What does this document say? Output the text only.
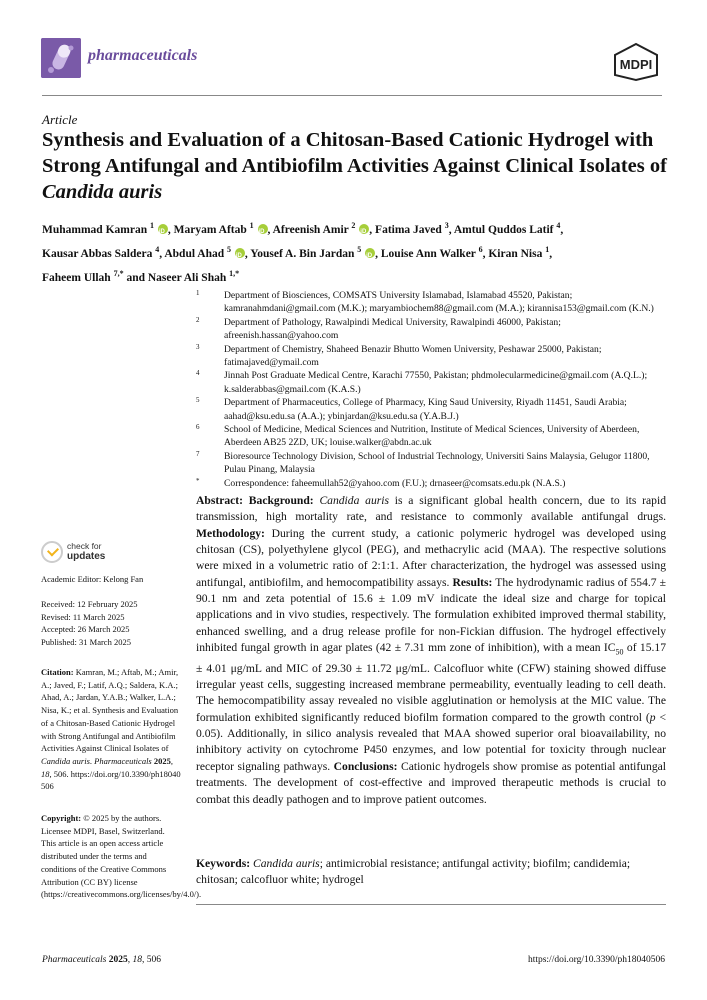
pharmaceuticals
MDPI
Article
Synthesis and Evaluation of a Chitosan-Based Cationic Hydrogel with Strong Antifungal and Antibiofilm Activities Against Clinical Isolates of Candida auris
Muhammad Kamran $^1$ iD , Maryam Aftab $^1$ iD , Afreenish Amir $^2$ iD , Fatima Javed $^3$, Amtul Quddos Latif $^4$,
Kausar Abbas Saldera $^4$, Abdul Ahad $^5$ iD , Yousef A. Bin Jardan $^5$ iD , Louise Ann Walker $^6$, Kiran Nisa $^1$,
Faheem Ullah $^{7,*}$ and Naseer Ali Shah $^{1,*}$
1	Department of Biosciences, COMSATS University Islamabad, Islamabad 45520, Pakistan; kamranahmdani@gmail.com (M.K.); maryambiochem88@gmail.com (M.A.); kirannisa153@gmail.com (K.N.)
2	Department of Pathology, Rawalpindi Medical University, Rawalpindi 46000, Pakistan; afreenish.hassan@yahoo.com
3	Department of Chemistry, Shaheed Benazir Bhutto Women University, Peshawar 25000, Pakistan; fatimajaved@ymail.com
4	Jinnah Post Graduate Medical Centre, Karachi 77550, Pakistan; phdmolecularmedicine@gmail.com (A.Q.L.); k.salderabbas@gmail.com (K.A.S.)
5	Department of Pharmaceutics, College of Pharmacy, King Saud University, Riyadh 11451, Saudi Arabia; aahad@ksu.edu.sa (A.A.); ybinjardan@ksu.edu.sa (Y.A.B.J.)
6	School of Medicine, Medical Sciences and Nutrition, Institute of Medical Sciences, University of Aberdeen, Aberdeen AB25 2ZD, UK; louise.walker@abdn.ac.uk
7	Bioresource Technology Division, School of Industrial Technology, Universiti Sains Malaysia, Gelugor 11800, Pulau Pinang, Malaysia
*	Correspondence: faheemullah52@yahoo.com (F.U.); drnaseer@comsats.edu.pk (N.A.S.)
check for
updates
Academic Editor: Kelong Fan
Received: 12 February 2025
Revised: 11 March 2025
Accepted: 26 March 2025
Published: 31 March 2025
Citation: Kamran, M.; Aftab, M.; Amir, A.; Javed, F.; Latif, A.Q.; Saldera, K.A.; Ahad, A.; Jardan, Y.A.B.; Walker, L.A.; Nisa, K.; et al. Synthesis and Evaluation of a Chitosan-Based Cationic Hydrogel with Strong Antifungal and Antibiofilm Activities Against Clinical Isolates of Candida auris. Pharmaceuticals 2025, 18, 506. https://doi.org/10.3390/ph18040506
Copyright: © 2025 by the authors. Licensee MDPI, Basel, Switzerland. This article is an open access article distributed under the terms and conditions of the Creative Commons Attribution (CC BY) license (https://creativecommons.org/licenses/by/4.0/).
Abstract: Background: Candida auris is a significant global health concern, due to its rapid transmission, high mortality rate, and resistance to commonly available antifungal drugs. Methodology: During the current study, a cationic polymeric hydrogel was developed using chitosan (CS), polyethylene glycol (PEG), and methacrylic acid (MAA). The respective solutions were mixed in a volumetric ratio of 2:1:1. After characterization, the hydrogel was assessed using antifungal, antibiofilm, and hemocompatibility assays. Results: The hydrodynamic radius of 554.7 ± 90.1 nm and zeta potential of 15.6 ± 1.09 mV indicate the ideal size and charge for topical applications and in vivo studies, respectively. The formulation exhibited improved thermal stability, enhanced swelling, and a drug release profile for non-Fickian diffusion. The hydrogel effectively inhibited fungal growth in agar plates (42 ± 7.31 mm zone of inhibition), with a mean $IC_{50}$ of 15.17 ± 4.01 μg/mL and MIC of 29.30 ± 11.72 μg/mL. Calcofluor white (CFW) staining showed diffuse irregular yeast cells, suggesting increased membrane permeability, eventually leading to cell death. The hemocompatibility assay revealed no visible agglutination or hemolysis at the MIC value. The formulation exhibited significantly reduced biofilm formation compared to the growth control (p < 0.05). Additionally, in silico analysis revealed that MAA showed superior oral bioavailability, no inhibitory activity on cytochrome P450 enzymes, and low potential for toxicity through nuclear receptor signaling pathways. Conclusions: Cationic hydrogels show promise as potential antifungal treatments. The development of cost-effective and improved therapeutic methods is crucial to combat this deadly pathogen and to improve patient outcomes.
Keywords: Candida auris; antimicrobial resistance; antifungal activity; biofilm; candidemia; chitosan; calcofluor white; hydrogel
Pharmaceuticals 2025, 18, 506	https://doi.org/10.3390/ph18040506
